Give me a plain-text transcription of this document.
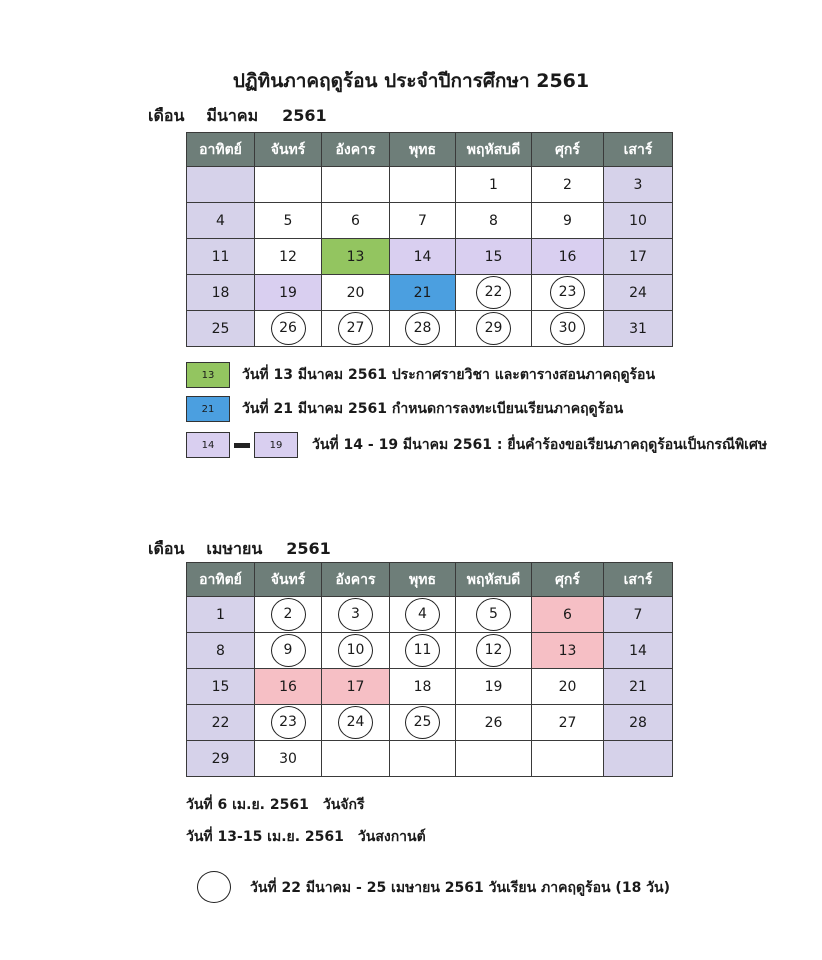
ปฏิทินภาคฤดูร้อน ประจำปีการศึกษา 2561
เดือน มีนาคม 2561
อาทิตย์	จันทร์	อังคาร	พุทธ	พฤหัสบดี	ศุกร์	เสาร์
				1	2	3
4	5	6	7	8	9	10
11	12	13	14	15	16	17
18	19	20	21	22	23	24
25	26	27	28	29	30	31
13	วันที่ 13 มีนาคม 2561 ประกาศรายวิชา และตารางสอนภาคฤดูร้อน
21	วันที่ 21 มีนาคม 2561 กำหนดการลงทะเบียนเรียนภาคฤดูร้อน
14	19	วันที่ 14 - 19 มีนาคม 2561 : ยื่นคำร้องขอเรียนภาคฤดูร้อนเป็นกรณีพิเศษ
เดือน เมษายน 2561
อาทิตย์	จันทร์	อังคาร	พุทธ	พฤหัสบดี	ศุกร์	เสาร์
1	2	3	4	5	6	7
8	9	10	11	12	13	14
15	16	17	18	19	20	21
22	23	24	25	26	27	28
29	30					
วันที่ 6 เม.ย. 2561 วันจักรี
วันที่ 13-15 เม.ย. 2561 วันสงกานต์
วันที่ 22 มีนาคม - 25 เมษายน 2561 วันเรียน ภาคฤดูร้อน (18 วัน)
